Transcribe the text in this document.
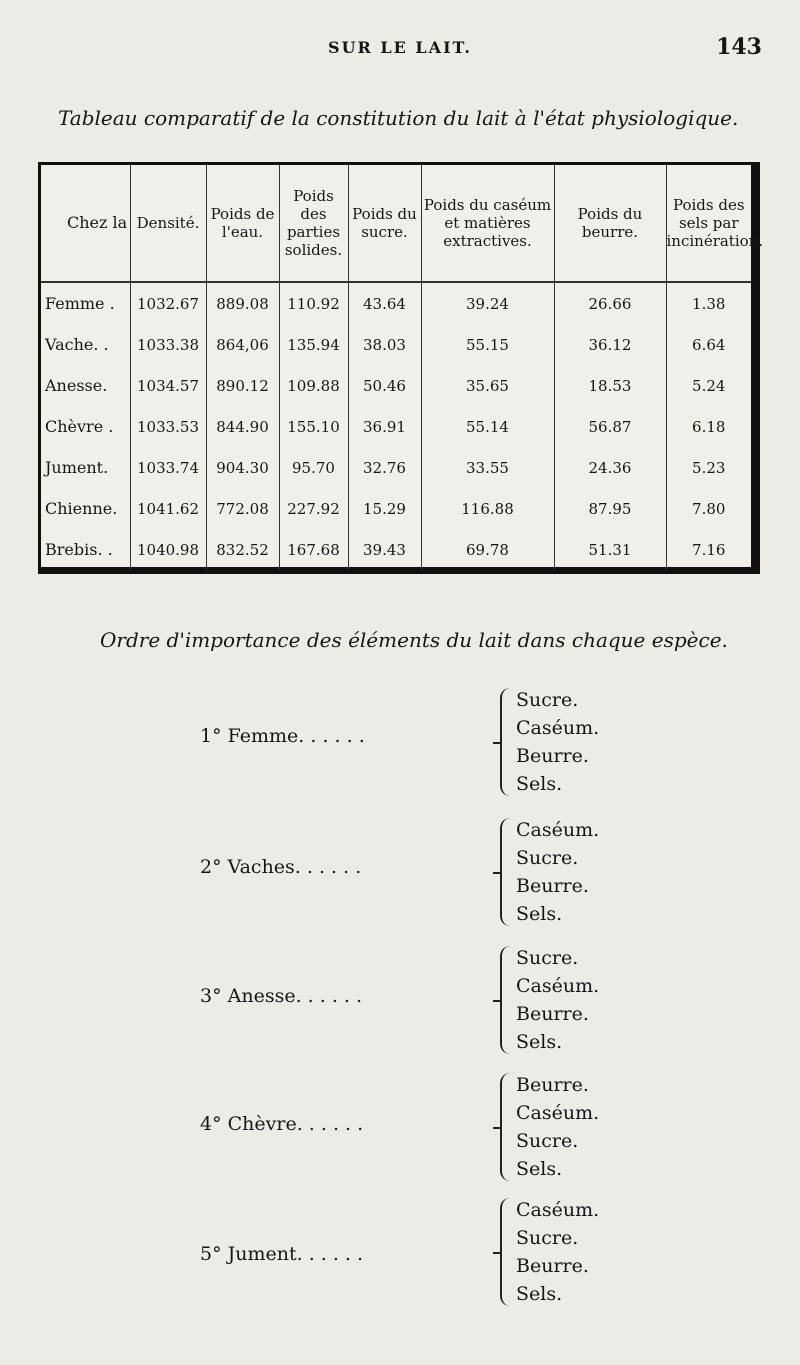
SUR LE LAIT.	143
Tableau comparatif de la constitution du lait à l'état physiologique.
Chez la	Densité.	Poids de l'eau.	Poids des parties solides.	Poids du sucre.	Poids du caséum et matières extractives.	Poids du beurre.	Poids des sels par incinération.
Femme .	1032.67	889.08	110.92	43.64	39.24	26.66	1.38
Vache. .	1033.38	864,06	135.94	38.03	55.15	36.12	6.64
Anesse.	1034.57	890.12	109.88	50.46	35.65	18.53	5.24
Chèvre .	1033.53	844.90	155.10	36.91	55.14	56.87	6.18
Jument.	1033.74	904.30	95.70	32.76	33.55	24.36	5.23
Chienne.	1041.62	772.08	227.92	15.29	116.88	87.95	7.80
Brebis. .	1040.98	832.52	167.68	39.43	69.78	51.31	7.16
Ordre d'importance des éléments du lait dans chaque espèce.
1° Femme. . . . . .
Sucre.
Caséum.
Beurre.
Sels.
2° Vaches. . . . . .
Caséum.
Sucre.
Beurre.
Sels.
3° Anesse. . . . . .
Sucre.
Caséum.
Beurre.
Sels.
4° Chèvre. . . . . .
Beurre.
Caséum.
Sucre.
Sels.
5° Jument. . . . . .
Caséum.
Sucre.
Beurre.
Sels.
